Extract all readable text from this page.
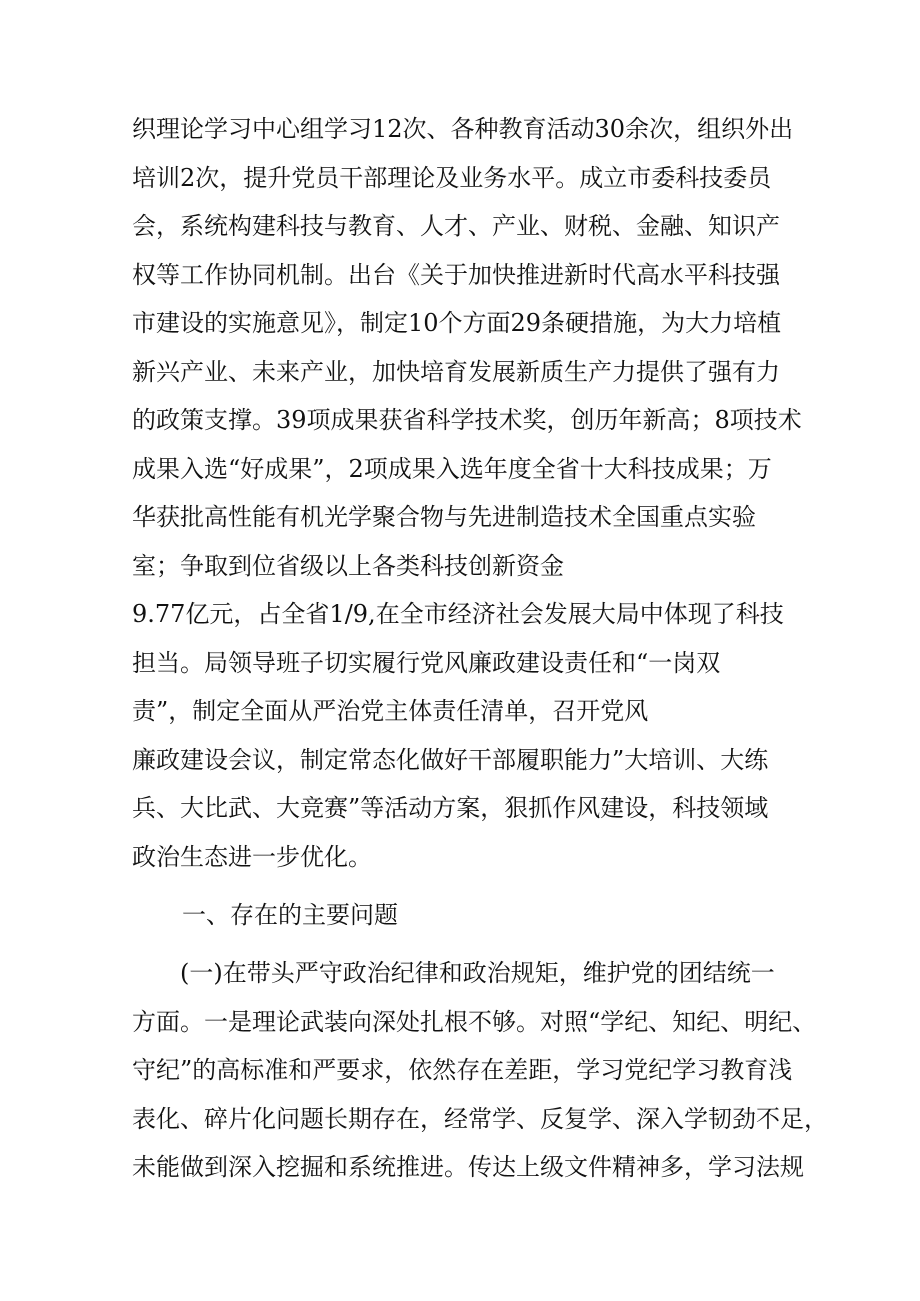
织理论学习中心组学习12次、各种教育活动30余次，组织外出
培训2次，提升党员干部理论及业务水平。成立市委科技委员
会，系统构建科技与教育、人才、产业、财税、金融、知识产
权等工作协同机制。出台《关于加快推进新时代高水平科技强
市建设的实施意见》，制定10个方面29条硬措施，为大力培植
新兴产业、未来产业，加快培育发展新质生产力提供了强有力
的政策支撑。39项成果获省科学技术奖，创历年新高；8项技术
成果入选“好成果”，2项成果入选年度全省十大科技成果；万
华获批高性能有机光学聚合物与先进制造技术全国重点实验
室；争取到位省级以上各类科技创新资金
9.77亿元，占全省1/9,在全市经济社会发展大局中体现了科技
担当。局领导班子切实履行党风廉政建设责任和“一岗双
责”，制定全面从严治党主体责任清单，召开党风
廉政建设会议，制定常态化做好干部履职能力”大培训、大练
兵、大比武、大竞赛”等活动方案，狠抓作风建设，科技领域
政治生态进一步优化。
一、存在的主要问题
(一)在带头严守政治纪律和政治规矩，维护党的团结统一
方面。一是理论武装向深处扎根不够。对照“学纪、知纪、明纪、
守纪”的高标准和严要求，依然存在差距，学习党纪学习教育浅
表化、碎片化问题长期存在，经常学、反复学、深入学韧劲不足，
未能做到深入挖掘和系统推进。传达上级文件精神多，学习法规
